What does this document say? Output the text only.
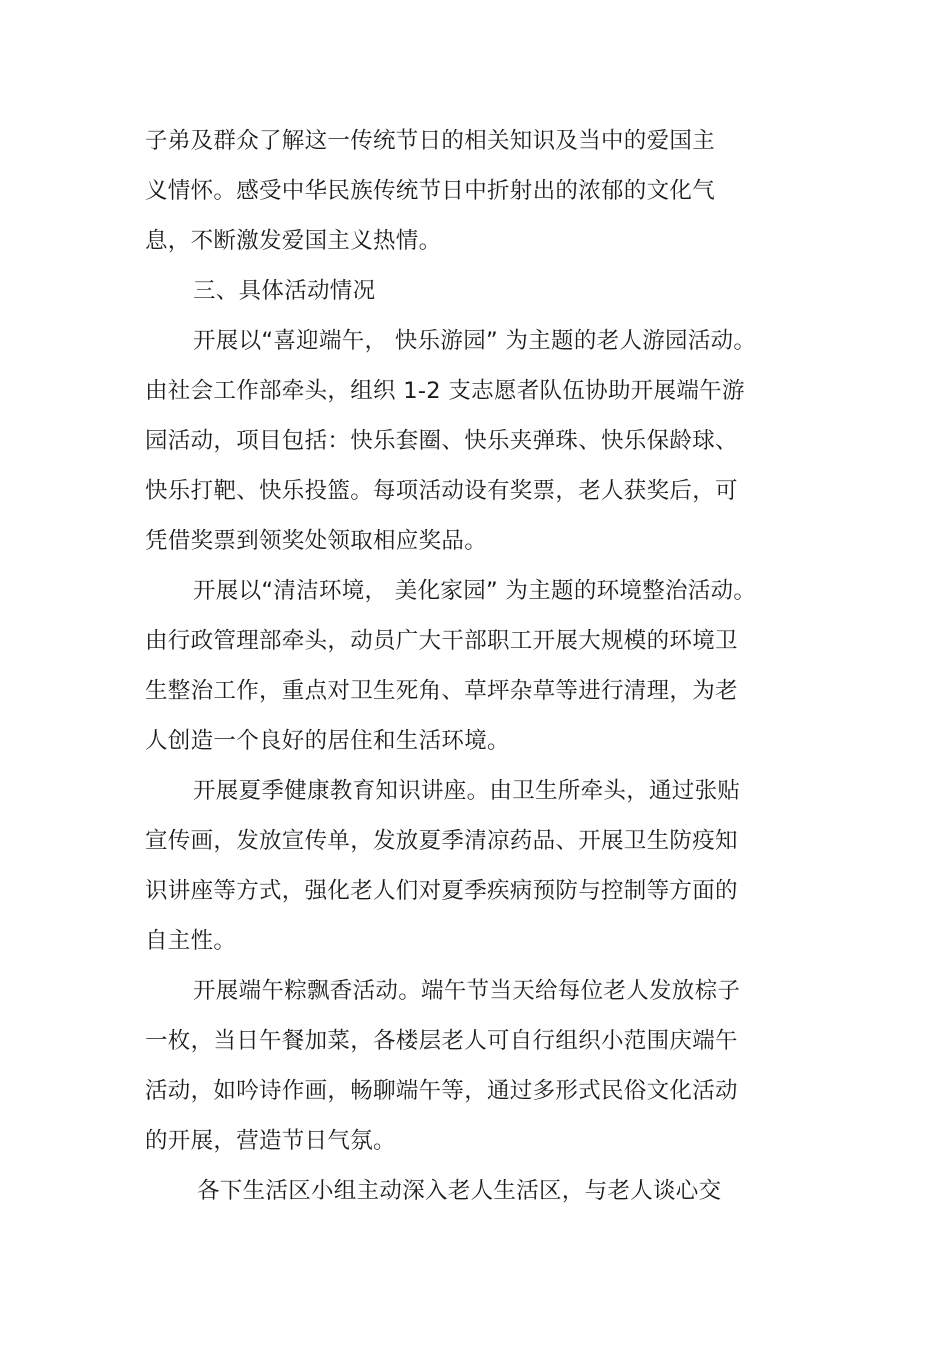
子弟及群众了解这一传统节日的相关知识及当中的爱国主
义情怀。感受中华民族传统节日中折射出的浓郁的文化气
息，不断激发爱国主义热情。
三、具体活动情况
开展以“喜迎端午， 快乐游园” 为主题的老人游园活动。
由社会工作部牵头，组织 1-2 支志愿者队伍协助开展端午游
园活动，项目包括：快乐套圈、快乐夹弹珠、快乐保龄球、
快乐打靶、快乐投篮。每项活动设有奖票，老人获奖后，可
凭借奖票到领奖处领取相应奖品。
开展以“清洁环境， 美化家园” 为主题的环境整治活动。
由行政管理部牵头，动员广大干部职工开展大规模的环境卫
生整治工作，重点对卫生死角、草坪杂草等进行清理，为老
人创造一个良好的居住和生活环境。
开展夏季健康教育知识讲座。由卫生所牵头，通过张贴
宣传画，发放宣传单，发放夏季清凉药品、开展卫生防疫知
识讲座等方式，强化老人们对夏季疾病预防与控制等方面的
自主性。
开展端午粽飘香活动。端午节当天给每位老人发放棕子
一枚，当日午餐加菜，各楼层老人可自行组织小范围庆端午
活动，如吟诗作画，畅聊端午等，通过多形式民俗文化活动
的开展，营造节日气氛。
各下生活区小组主动深入老人生活区，与老人谈心交
